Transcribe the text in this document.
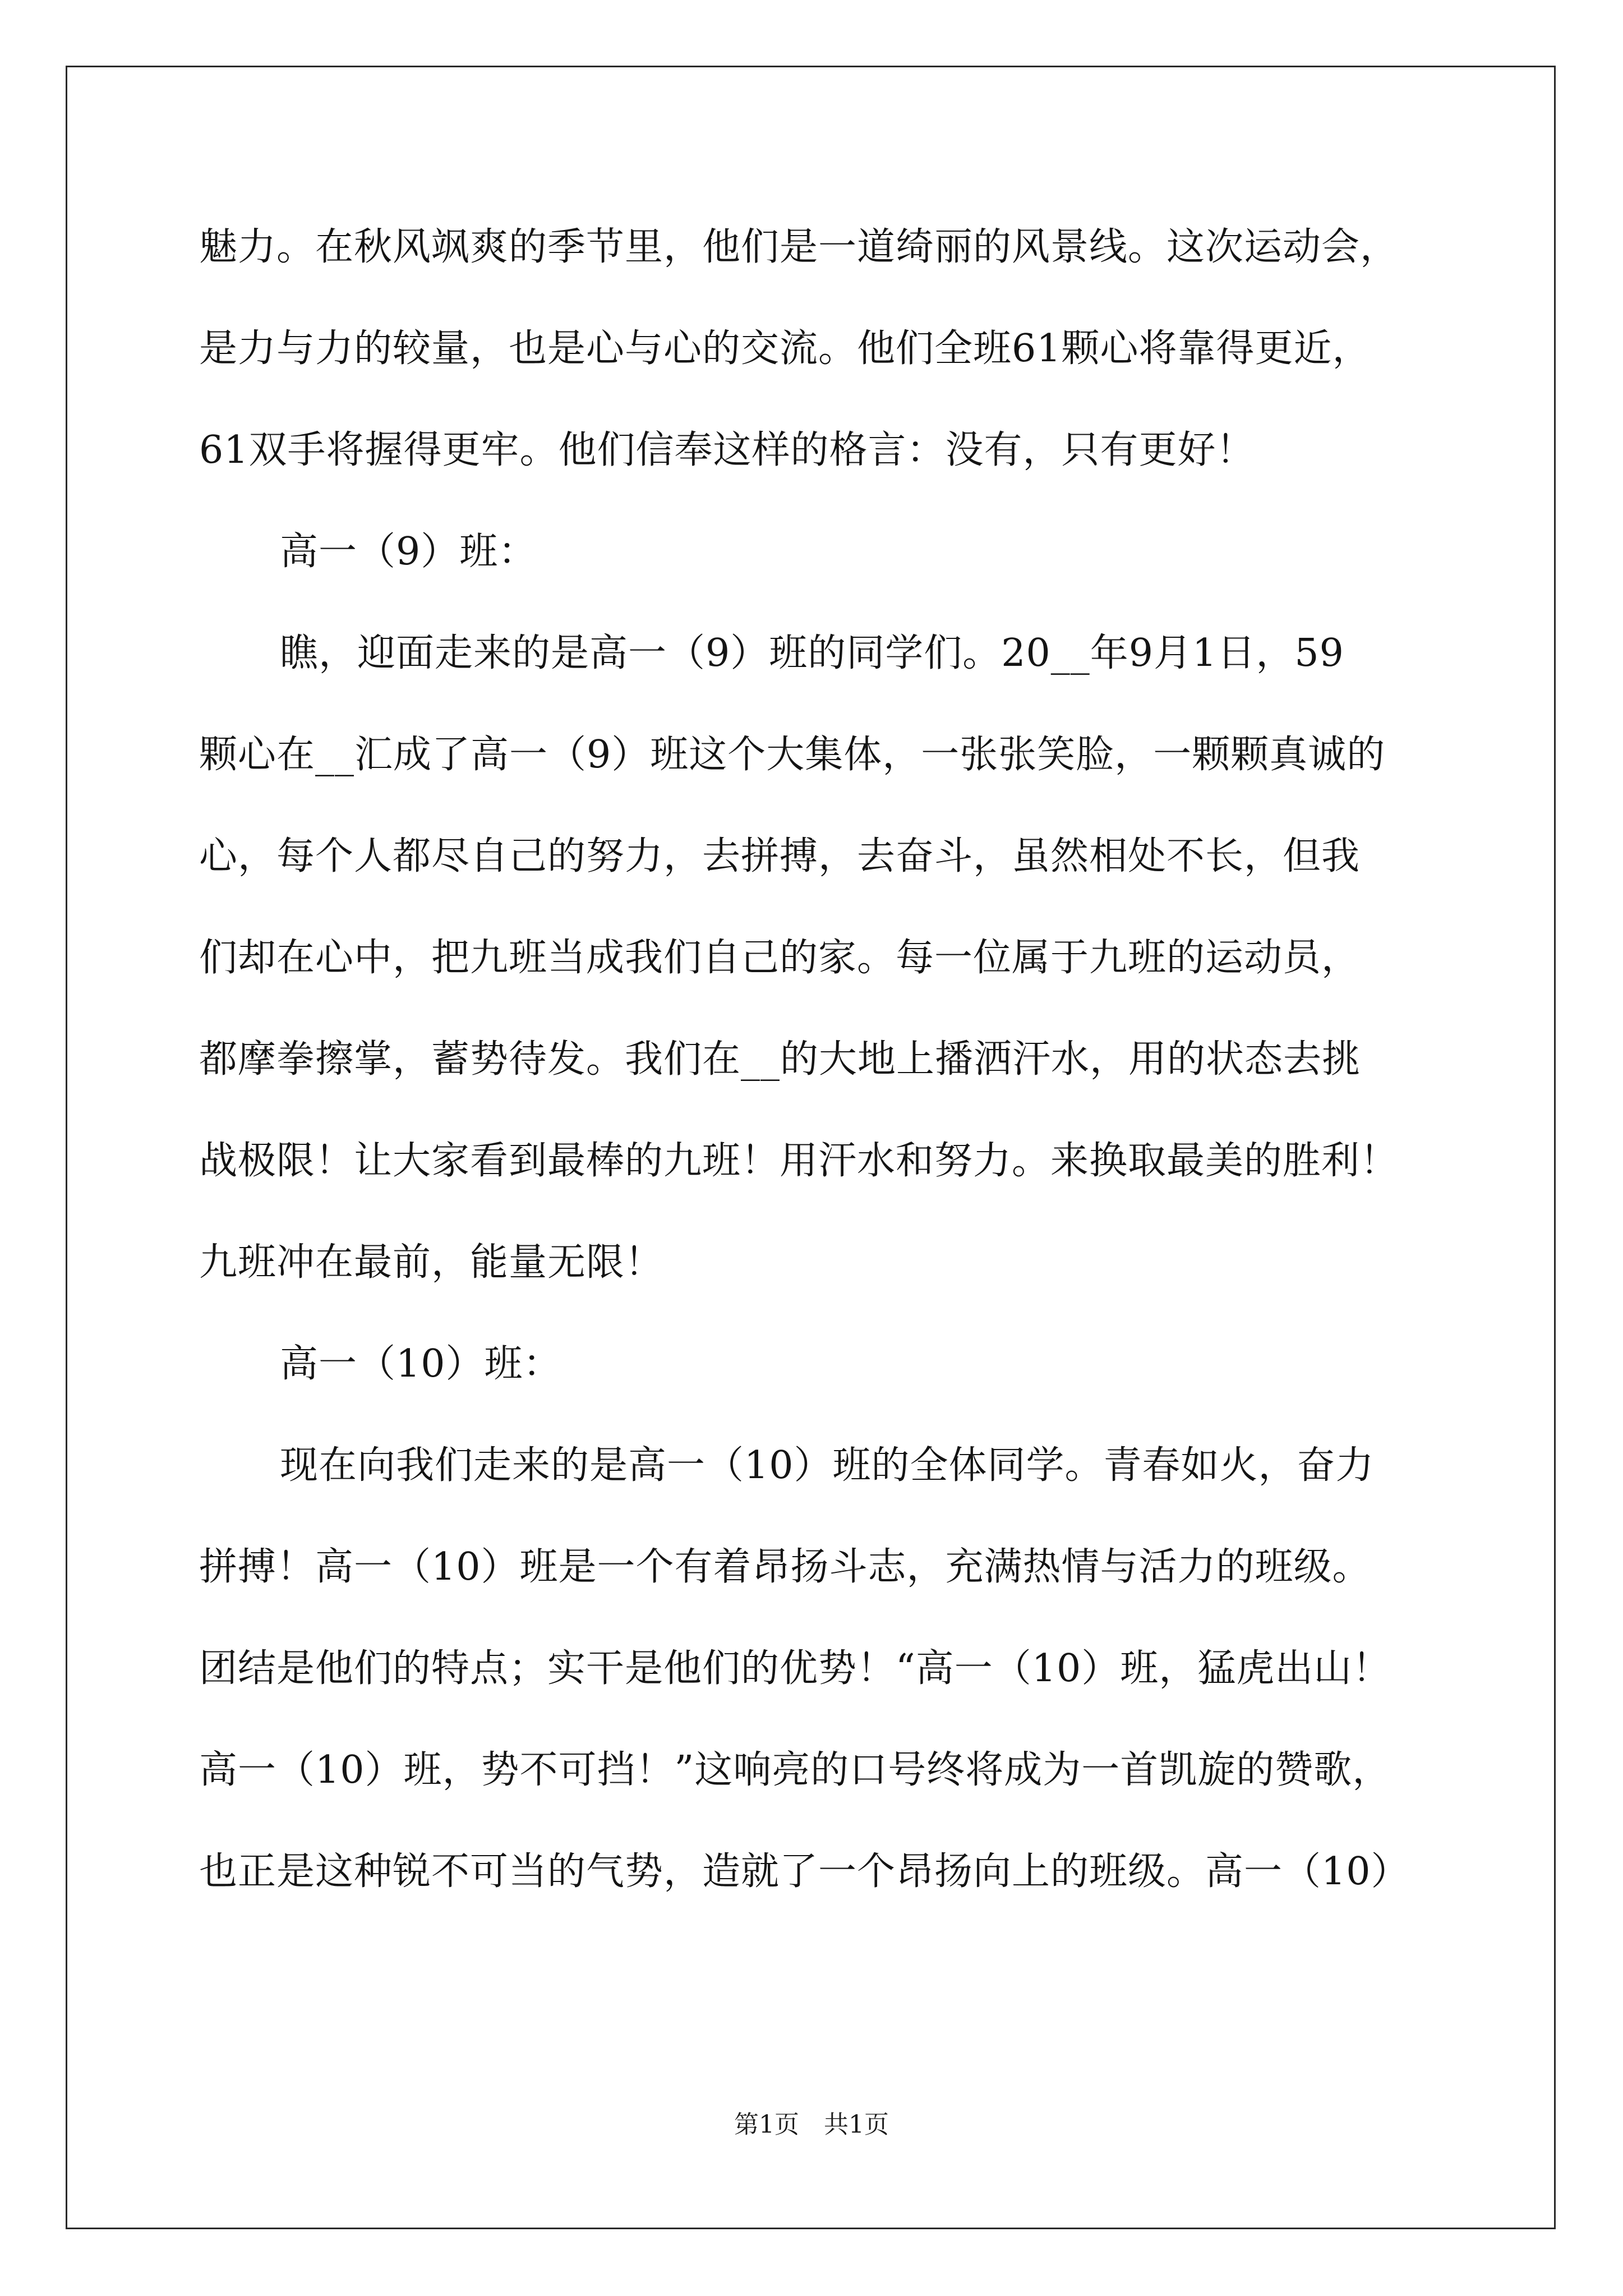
魅力。在秋风飒爽的季节里，他们是一道绮丽的风景线。这次运动会，
是力与力的较量，也是心与心的交流。他们全班61颗心将靠得更近，
61双手将握得更牢。他们信奉这样的格言：没有，只有更好！
高一（9）班：
瞧，迎面走来的是高一（9）班的同学们。20__年9月1日，59
颗心在__汇成了高一（9）班这个大集体，一张张笑脸，一颗颗真诚的
心，每个人都尽自己的努力，去拼搏，去奋斗，虽然相处不长，但我
们却在心中，把九班当成我们自己的家。每一位属于九班的运动员，
都摩拳擦掌，蓄势待发。我们在__的大地上播洒汗水，用的状态去挑
战极限！让大家看到最棒的九班！用汗水和努力。来换取最美的胜利！
九班冲在最前，能量无限！
高一（10）班：
现在向我们走来的是高一（10）班的全体同学。青春如火，奋力
拼搏！高一（10）班是一个有着昂扬斗志，充满热情与活力的班级。
团结是他们的特点；实干是他们的优势！“高一（10）班，猛虎出山！
高一（10）班，势不可挡！”这响亮的口号终将成为一首凯旋的赞歌，
也正是这种锐不可当的气势，造就了一个昂扬向上的班级。高一（10）
第1页 共1页
